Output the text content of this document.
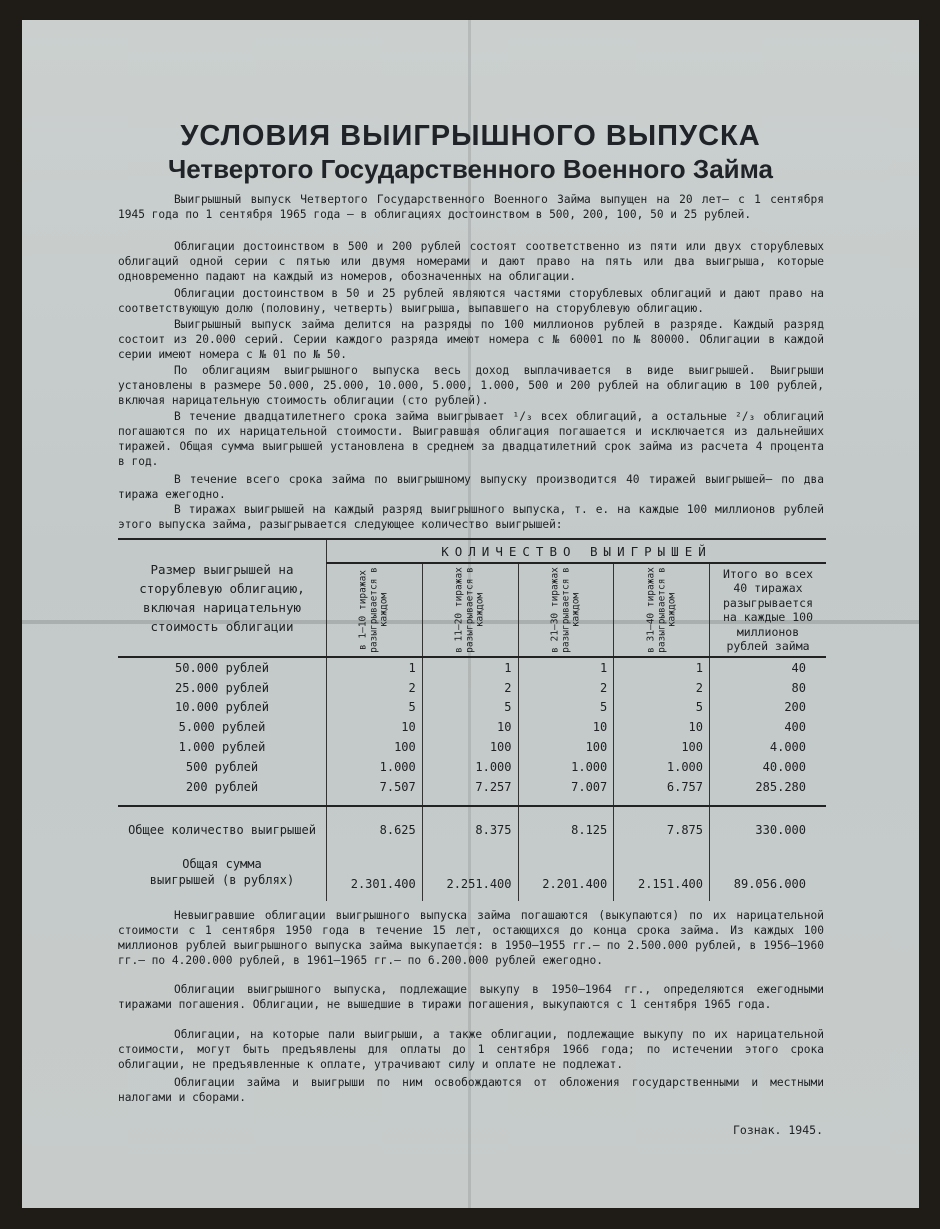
УСЛОВИЯ ВЫИГРЫШНОГО ВЫПУСКА
Четвертого Государственного Военного Займа

Выигрышный выпуск Четвертого Государственного Военного Займа выпущен на 20 лет— с 1 сентября 1945 года по 1 сентября 1965 года — в облигациях достоинством в 500, 200, 100, 50 и 25 рублей.

Облигации достоинством в 500 и 200 рублей состоят соответственно из пяти или двух сторублевых облигаций одной серии с пятью или двумя номерами и дают право на пять или два выигрыша, которые одновременно падают на каждый из номеров, обозначенных на облигации.

Облигации достоинством в 50 и 25 рублей являются частями сторублевых облигаций и дают право на соответствующую долю (половину, четверть) выигрыша, выпавшего на сторублевую облигацию.

Выигрышный выпуск займа делится на разряды по 100 миллионов рублей в разряде. Каждый разряд состоит из 20.000 серий. Серии каждого разряда имеют номера с № 60001 по № 80000. Облигации в каждой серии имеют номера с № 01 по № 50.

По облигациям выигрышного выпуска весь доход выплачивается в виде выигрышей. Выигрыши установлены в размере 50.000, 25.000, 10.000, 5.000, 1.000, 500 и 200 рублей на облигацию в 100 рублей, включая нарицательную стоимость облигации (сто рублей).

В течение двадцатилетнего срока займа выигрывает ¹/₃ всех облигаций, а остальные ²/₃ облигаций погашаются по их нарицательной стоимости. Выигравшая облигация погашается и исключается из дальнейших тиражей. Общая сумма выигрышей установлена в среднем за двадцатилетний срок займа из расчета 4 процента в год.

В течение всего срока займа по выигрышному выпуску производится 40 тиражей выигрышей— по два тиража ежегодно.

В тиражах выигрышей на каждый разряд выигрышного выпуска, т. е. на каждые 100 миллионов рублей этого выпуска займа, разыгрывается следующее количество выигрышей:

Размер выигрышей на сторублевую облигацию, включая нарицательную стоимость облигации	КОЛИЧЕСТВО ВЫИГРЫШЕЙ				

	в 1—10 тиражах разыгрывается в каждом	в 11—20 тиражах разыгрывается в каждом	в 21—30 тиражах разыгрывается в каждом	в 31—40 тиражах разыгрывается в каждом	Итого во всех 40 тиражах разыгрывается на каждые 100 миллионов рублей займа
50.000 рублей	1	1	1	1	40
25.000 рублей	2	2	2	2	80
10.000 рублей	5	5	5	5	200
5.000 рублей	10	10	10	10	400
1.000 рублей	100	100	100	100	4.000
500 рублей	1.000	1.000	1.000	1.000	40.000
200 рублей	7.507	7.257	7.007	6.757	285.280

Общее количество выигрышей	8.625	8.375	8.125	7.875	330.000

Общая сумма выигрышей (в рублях)	2.301.400	2.251.400	2.201.400	2.151.400	89.056.000

Невыигравшие облигации выигрышного выпуска займа погашаются (выкупаются) по их нарицательной стоимости с 1 сентября 1950 года в течение 15 лет, остающихся до конца срока займа. Из каждых 100 миллионов рублей выигрышного выпуска займа выкупается: в 1950—1955 гг.— по 2.500.000 рублей, в 1956—1960 гг.— по 4.200.000 рублей, в 1961—1965 гг.— по 6.200.000 рублей ежегодно.

Облигации выигрышного выпуска, подлежащие выкупу в 1950—1964 гг., определяются ежегодными тиражами погашения. Облигации, не вышедшие в тиражи погашения, выкупаются с 1 сентября 1965 года.

Облигации, на которые пали выигрыши, а также облигации, подлежащие выкупу по их нарицательной стоимости, могут быть предъявлены для оплаты до 1 сентября 1966 года; по истечении этого срока облигации, не предъявленные к оплате, утрачивают силу и оплате не подлежат.

Облигации займа и выигрыши по ним освобождаются от обложения государственными и местными налогами и сборами.

Гознак. 1945.
